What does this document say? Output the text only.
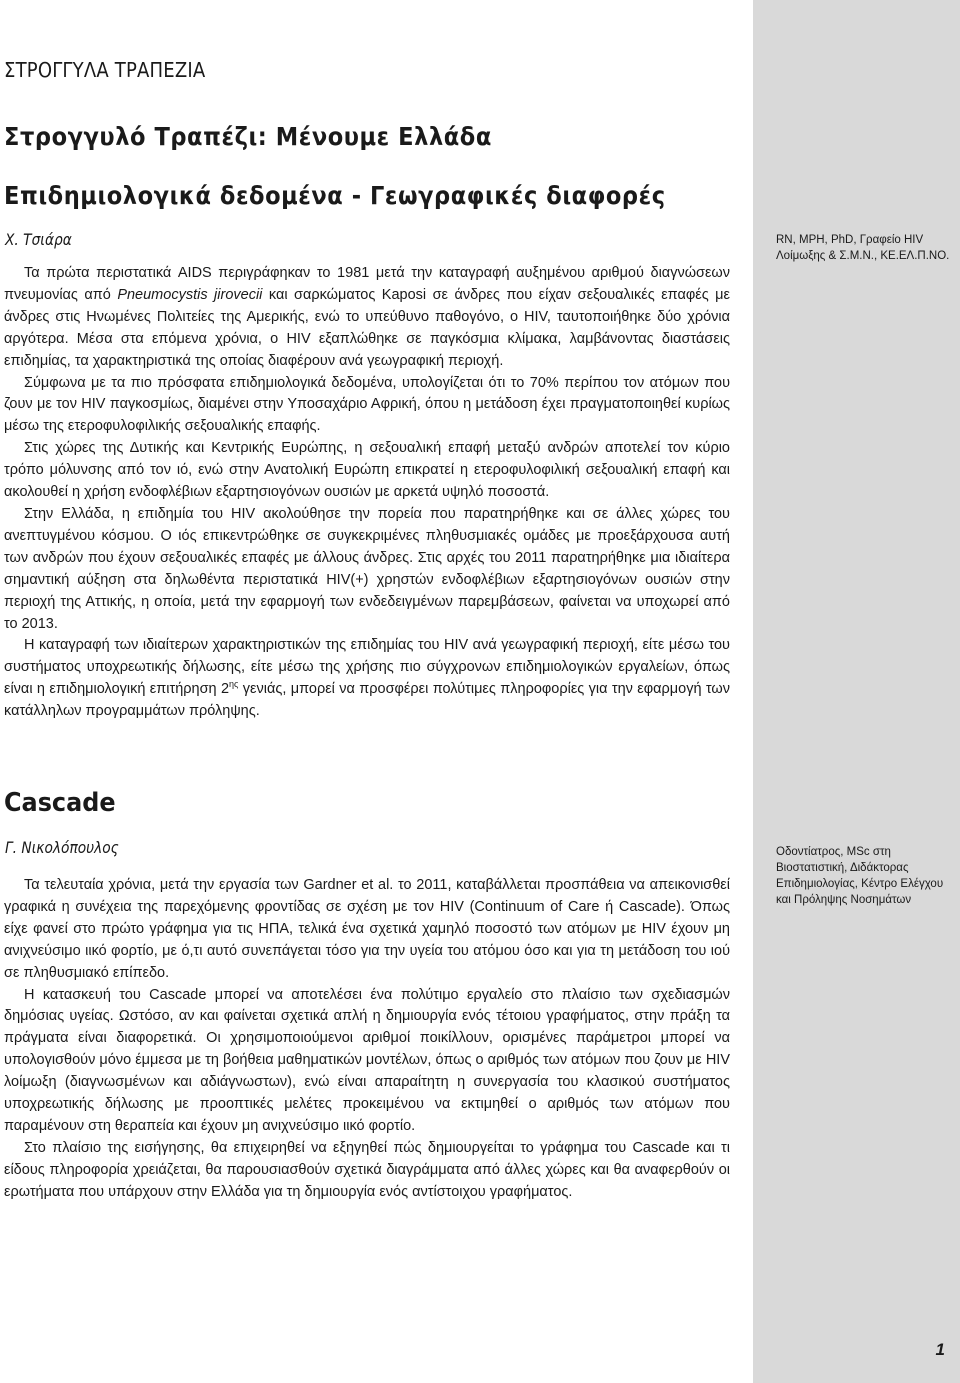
RN, MPH, PhD, Γραφείο HIV Λοίμωξης & Σ.Μ.Ν., ΚΕ.ΕΛ.Π.ΝΟ.
Οδοντίατρος, MSc στη Βιοστατιστική, Διδάκτορας Επιδημιολογίας, Κέντρο Ελέγχου και Πρόληψης Νοσημάτων
ΣΤΡΟΓΓΥΛΑ ΤΡΑΠΕΖΙΑ
Στρογγυλό Τραπέζι: Μένουμε Ελλάδα
Επιδημιολογικά δεδομένα - Γεωγραφικές διαφορές
Χ. Τσιάρα

Τα πρώτα περιστατικά AIDS περιγράφηκαν το 1981 μετά την καταγραφή αυξημένου αριθμού διαγνώσεων πνευμονίας από Pneumocystis jirovecii και σαρκώματος Kaposi σε άνδρες που είχαν σεξουαλικές επαφές με άνδρες στις Ηνωμένες Πολιτείες της Αμερικής, ενώ το υπεύθυνο παθογόνο, ο HIV, ταυτοποιήθηκε δύο χρόνια αργότερα. Μέσα στα επόμενα χρόνια, ο HIV εξαπλώθηκε σε παγκόσμια κλίμακα, λαμβάνοντας διαστάσεις επιδημίας, τα χαρακτηριστικά της οποίας διαφέρουν ανά γεωγραφική περιοχή.

Σύμφωνα με τα πιο πρόσφατα επιδημιολογικά δεδομένα, υπολογίζεται ότι το 70% περίπου τον ατόμων που ζουν με τον HIV παγκοσμίως, διαμένει στην Υποσαχάριο Αφρική, όπου η μετάδοση έχει πραγματοποιηθεί κυρίως μέσω της ετεροφυλοφιλικής σεξουαλικής επαφής.

Στις χώρες της Δυτικής και Κεντρικής Ευρώπης, η σεξουαλική επαφή μεταξύ ανδρών αποτελεί τον κύριο τρόπο μόλυνσης από τον ιό, ενώ στην Ανατολική Ευρώπη επικρατεί η ετεροφυλοφιλική σεξουαλική επαφή και ακολουθεί η χρήση ενδοφλέβιων εξαρτησιογόνων ουσιών με αρκετά υψηλό ποσοστά.

Στην Ελλάδα, η επιδημία του HIV ακολούθησε την πορεία που παρατηρήθηκε και σε άλλες χώρες του ανεπτυγμένου κόσμου. Ο ιός επικεντρώθηκε σε συγκεκριμένες πληθυσμιακές ομάδες με προεξάρχουσα αυτή των ανδρών που έχουν σεξουαλικές επαφές με άλλους άνδρες. Στις αρχές του 2011 παρατηρήθηκε μια ιδιαίτερα σημαντική αύξηση στα δηλωθέντα περιστατικά HIV(+) χρηστών ενδοφλέβιων εξαρτησιογόνων ουσιών στην περιοχή της Αττικής, η οποία, μετά την εφαρμογή των ενδεδειγμένων παρεμβάσεων, φαίνεται να υποχωρεί από το 2013.

Η καταγραφή των ιδιαίτερων χαρακτηριστικών της επιδημίας του HIV ανά γεωγραφική περιοχή, είτε μέσω του συστήματος υποχρεωτικής δήλωσης, είτε μέσω της χρήσης πιο σύγχρονων επιδημιολογικών εργαλείων, όπως είναι η επιδημιολογική επιτήρηση $2^{\eta\varsigma}$ γενιάς, μπορεί να προσφέρει πολύτιμες πληροφορίες για την εφαρμογή των κατάλληλων προγραμμάτων πρόληψης.

Cascade
Γ. Νικολόπουλος

Τα τελευταία χρόνια, μετά την εργασία των Gardner et al. το 2011, καταβάλλεται προσπάθεια να απεικονισθεί γραφικά η συνέχεια της παρεχόμενης φροντίδας σε σχέση με τον HIV (Continuum of Care ή Cascade). Όπως είχε φανεί στο πρώτο γράφημα για τις ΗΠΑ, τελικά ένα σχετικά χαμηλό ποσοστό των ατόμων με HIV έχουν μη ανιχνεύσιμο ιικό φορτίο, με ό,τι αυτό συνεπάγεται τόσο για την υγεία του ατόμου όσο και για τη μετάδοση του ιού σε πληθυσμιακό επίπεδο.

Η κατασκευή του Cascade μπορεί να αποτελέσει ένα πολύτιμο εργαλείο στο πλαίσιο των σχεδιασμών δημόσιας υγείας. Ωστόσο, αν και φαίνεται σχετικά απλή η δημιουργία ενός τέτοιου γραφήματος, στην πράξη τα πράγματα είναι διαφορετικά. Οι χρησιμοποιούμενοι αριθμοί ποικίλλουν, ορισμένες παράμετροι μπορεί να υπολογισθούν μόνο έμμεσα με τη βοήθεια μαθηματικών μοντέλων, όπως ο αριθμός των ατόμων που ζουν με HIV λοίμωξη (διαγνωσμένων και αδιάγνωστων), ενώ είναι απαραίτητη η συνεργασία του κλασικού συστήματος υποχρεωτικής δήλωσης με προοπτικές μελέτες προκειμένου να εκτιμηθεί ο αριθμός των ατόμων που παραμένουν στη θεραπεία και έχουν μη ανιχνεύσιμο ιικό φορτίο.

Στο πλαίσιο της εισήγησης, θα επιχειρηθεί να εξηγηθεί πώς δημιουργείται το γράφημα του Cascade και τι είδους πληροφορία χρειάζεται, θα παρουσιασθούν σχετικά διαγράμματα από άλλες χώρες και θα αναφερθούν οι ερωτήματα που υπάρχουν στην Ελλάδα για τη δημιουργία ενός αντίστοιχου γραφήματος.

1
